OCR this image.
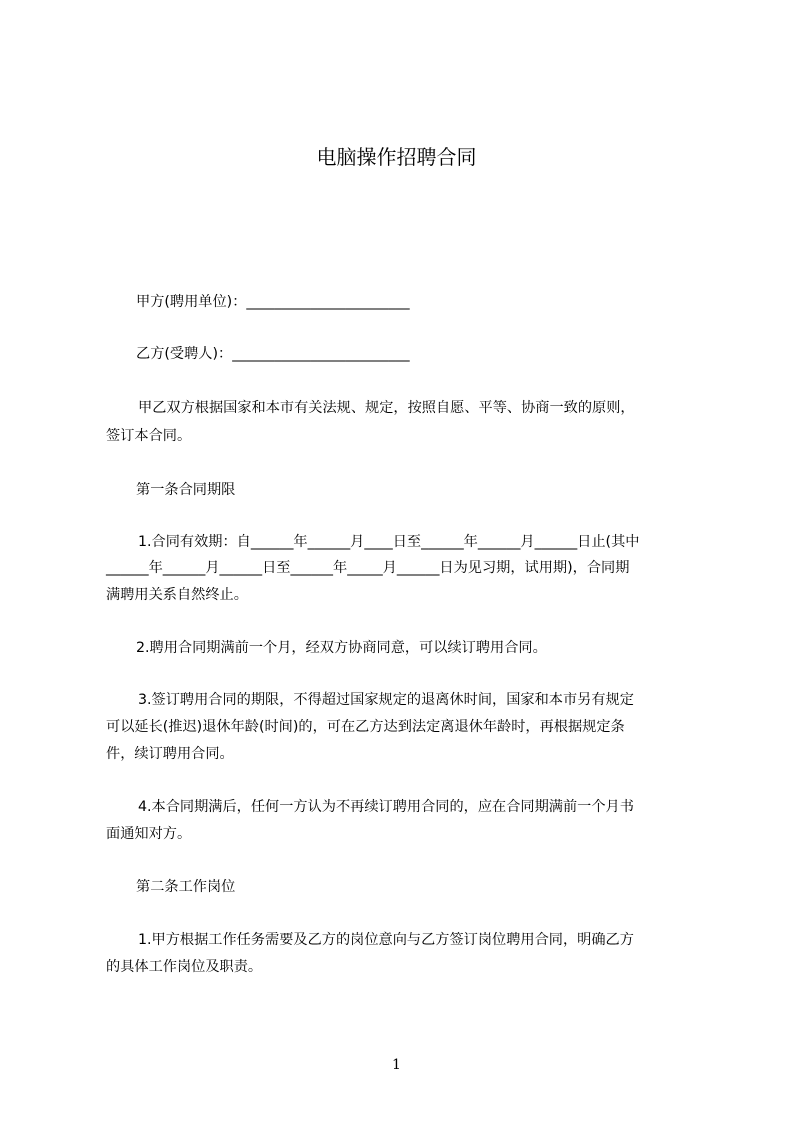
电脑操作招聘合同
甲方(聘用单位)：_______________________
乙方(受聘人)：_________________________
甲乙双方根据国家和本市有关法规、规定，按照自愿、平等、协商一致的原则，
签订本合同。
第一条合同期限
1.合同有效期：自______年______月____日至______年______月______日止(其中
______年______月______日至______年_____月______日为见习期，试用期)，合同期
满聘用关系自然终止。
2.聘用合同期满前一个月，经双方协商同意，可以续订聘用合同。
3.签订聘用合同的期限，不得超过国家规定的退离休时间，国家和本市另有规定
可以延长(推迟)退休年龄(时间)的，可在乙方达到法定离退休年龄时，再根据规定条
件，续订聘用合同。
4.本合同期满后，任何一方认为不再续订聘用合同的，应在合同期满前一个月书
面通知对方。
第二条工作岗位
1.甲方根据工作任务需要及乙方的岗位意向与乙方签订岗位聘用合同，明确乙方
的具体工作岗位及职责。
1
